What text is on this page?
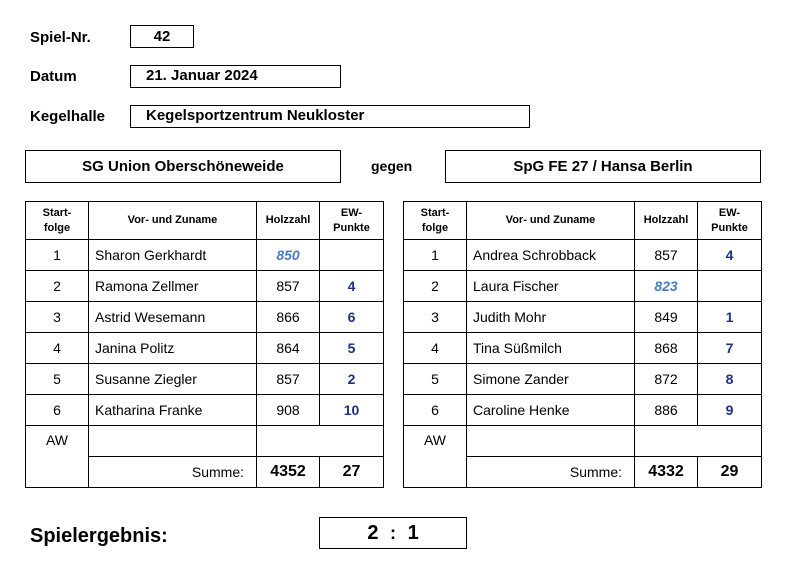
Spiel-Nr.	42
Datum	21. Januar 2024
Kegelhalle	Kegelsportzentrum Neukloster
SG Union Oberschöneweide	gegen	SpG FE 27 / Hansa Berlin
Start-
folge	Vor- und Zuname	Holzzahl	EW-
Punkte
1	Sharon Gerkhardt	850	
2	Ramona Zellmer	857	4
3	Astrid Wesemann	866	6
4	Janina Politz	864	5
5	Susanne Ziegler	857	2
6	Katharina Franke	908	10
AW			
	Summe:	4352	27
Start-
folge	Vor- und Zuname	Holzzahl	EW-
Punkte
1	Andrea Schrobback	857	4
2	Laura Fischer	823	
3	Judith Mohr	849	1
4	Tina Süßmilch	868	7
5	Simone Zander	872	8
6	Caroline Henke	886	9
AW			
	Summe:	4332	29
Spielergebnis:	2 : 1
